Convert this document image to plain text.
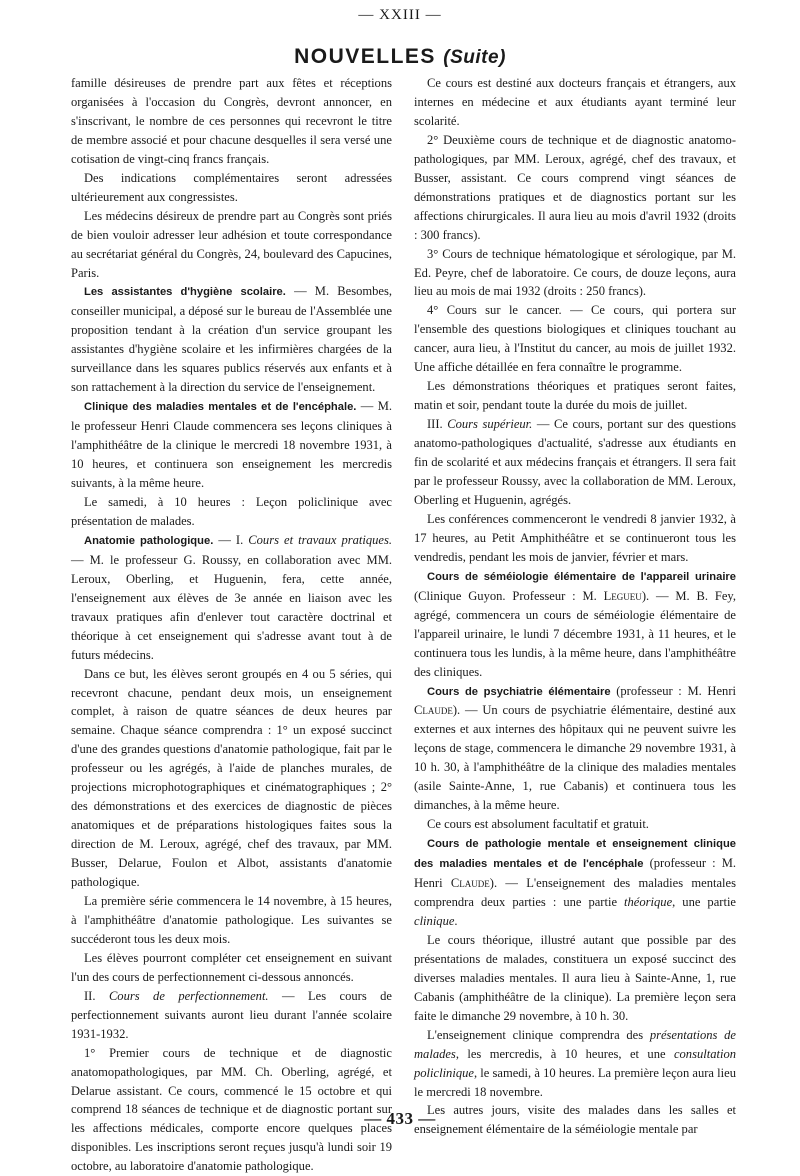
— XXIII —
NOUVELLES (Suite)

famille désireuses de prendre part aux fêtes et réceptions organisées à l'occasion du Congrès, devront annoncer, en s'inscrivant, le nombre de ces personnes qui recevront le titre de membre associé et pour chacune desquelles il sera versé une cotisation de vingt-cinq francs français.

Des indications complémentaires seront adressées ultérieurement aux congressistes.

Les médecins désireux de prendre part au Congrès sont priés de bien vouloir adresser leur adhésion et toute correspondance au secrétariat général du Congrès, 24, boulevard des Capucines, Paris.

Les assistantes d'hygiène scolaire. — M. Besombes, conseiller municipal, a déposé sur le bureau de l'Assemblée une proposition tendant à la création d'un service groupant les assistantes d'hygiène scolaire et les infirmières chargées de la surveillance dans les squares publics réservés aux enfants et à son rattachement à la direction du service de l'enseignement.

Clinique des maladies mentales et de l'encéphale. — M. le professeur Henri Claude commencera ses leçons cliniques à l'amphithéâtre de la clinique le mercredi 18 novembre 1931, à 10 heures, et continuera son enseignement les mercredis suivants, à la même heure.

Le samedi, à 10 heures : Leçon policlinique avec présentation de malades.

Anatomie pathologique. — I. Cours et travaux pratiques. — M. le professeur G. Roussy, en collaboration avec MM. Leroux, Oberling, et Huguenin, fera, cette année, l'enseignement aux élèves de 3e année en liaison avec les travaux pratiques afin d'enlever tout caractère doctrinal et théorique à cet enseignement qui s'adresse avant tout à de futurs médecins.

Dans ce but, les élèves seront groupés en 4 ou 5 séries, qui recevront chacune, pendant deux mois, un enseignement complet, à raison de quatre séances de deux heures par semaine. Chaque séance comprendra : 1° un exposé succinct d'une des grandes questions d'anatomie pathologique, fait par le professeur ou les agrégés, à l'aide de planches murales, de projections microphotographiques et cinématographiques ; 2° des démonstrations et des exercices de diagnostic de pièces anatomiques et de préparations histologiques faites sous la direction de M. Leroux, agrégé, chef des travaux, par MM. Busser, Delarue, Foulon et Albot, assistants d'anatomie pathologique.

La première série commencera le 14 novembre, à 15 heures, à l'amphithéâtre d'anatomie pathologique. Les suivantes se succéderont tous les deux mois.

Les élèves pourront compléter cet enseignement en suivant l'un des cours de perfectionnement ci-dessous annoncés.

II. Cours de perfectionnement. — Les cours de perfectionnement suivants auront lieu durant l'année scolaire 1931-1932.

1° Premier cours de technique et de diagnostic anatomopathologiques, par MM. Ch. Oberling, agrégé, et Delarue assistant. Ce cours, commencé le 15 octobre et qui comprend 18 séances de technique et de diagnostic portant sur les affections médicales, comporte encore quelques places disponibles. Les inscriptions seront reçues jusqu'à lundi soir 19 octobre, au laboratoire d'anatomie pathologique.

Ce cours est destiné aux docteurs français et étrangers, aux internes en médecine et aux étudiants ayant terminé leur scolarité.

2° Deuxième cours de technique et de diagnostic anatomo-pathologiques, par MM. Leroux, agrégé, chef des travaux, et Busser, assistant. Ce cours comprend vingt séances de démonstrations pratiques et de diagnostics portant sur les affections chirurgicales. Il aura lieu au mois d'avril 1932 (droits : 300 francs).

3° Cours de technique hématologique et sérologique, par M. Ed. Peyre, chef de laboratoire. Ce cours, de douze leçons, aura lieu au mois de mai 1932 (droits : 250 francs).

4° Cours sur le cancer. — Ce cours, qui portera sur l'ensemble des questions biologiques et cliniques touchant au cancer, aura lieu, à l'Institut du cancer, au mois de juillet 1932. Une affiche détaillée en fera connaître le programme.

Les démonstrations théoriques et pratiques seront faites, matin et soir, pendant toute la durée du mois de juillet.

III. Cours supérieur. — Ce cours, portant sur des questions anatomo-pathologiques d'actualité, s'adresse aux étudiants en fin de scolarité et aux médecins français et étrangers. Il sera fait par le professeur Roussy, avec la collaboration de MM. Leroux, Oberling et Huguenin, agrégés.

Les conférences commenceront le vendredi 8 janvier 1932, à 17 heures, au Petit Amphithéâtre et se continueront tous les vendredis, pendant les mois de janvier, février et mars.

Cours de séméiologie élémentaire de l'appareil urinaire (Clinique Guyon. Professeur : M. Legueu). — M. B. Fey, agrégé, commencera un cours de séméiologie élémentaire de l'appareil urinaire, le lundi 7 décembre 1931, à 11 heures, et le continuera tous les lundis, à la même heure, dans l'amphithéâtre des cliniques.

Cours de psychiatrie élémentaire (professeur : M. Henri Claude). — Un cours de psychiatrie élémentaire, destiné aux externes et aux internes des hôpitaux qui ne peuvent suivre les leçons de stage, commencera le dimanche 29 novembre 1931, à 10 h. 30, à l'amphithéâtre de la clinique des maladies mentales (asile Sainte-Anne, 1, rue Cabanis) et continuera tous les dimanches, à la même heure.

Ce cours est absolument facultatif et gratuit.

Cours de pathologie mentale et enseignement clinique des maladies mentales et de l'encéphale (professeur : M. Henri Claude). — L'enseignement des maladies mentales comprendra deux parties : une partie théorique, une partie clinique.

Le cours théorique, illustré autant que possible par des présentations de malades, constituera un exposé succinct des diverses maladies mentales. Il aura lieu à Sainte-Anne, 1, rue Cabanis (amphithéâtre de la clinique). La première leçon sera faite le dimanche 29 novembre, à 10 h. 30.

L'enseignement clinique comprendra des présentations de malades, les mercredis, à 10 heures, et une consultation policlinique, le samedi, à 10 heures. La première leçon aura lieu le mercredi 18 novembre.

Les autres jours, visite des malades dans les salles et enseignement élémentaire de la séméiologie mentale par

— 433 —
